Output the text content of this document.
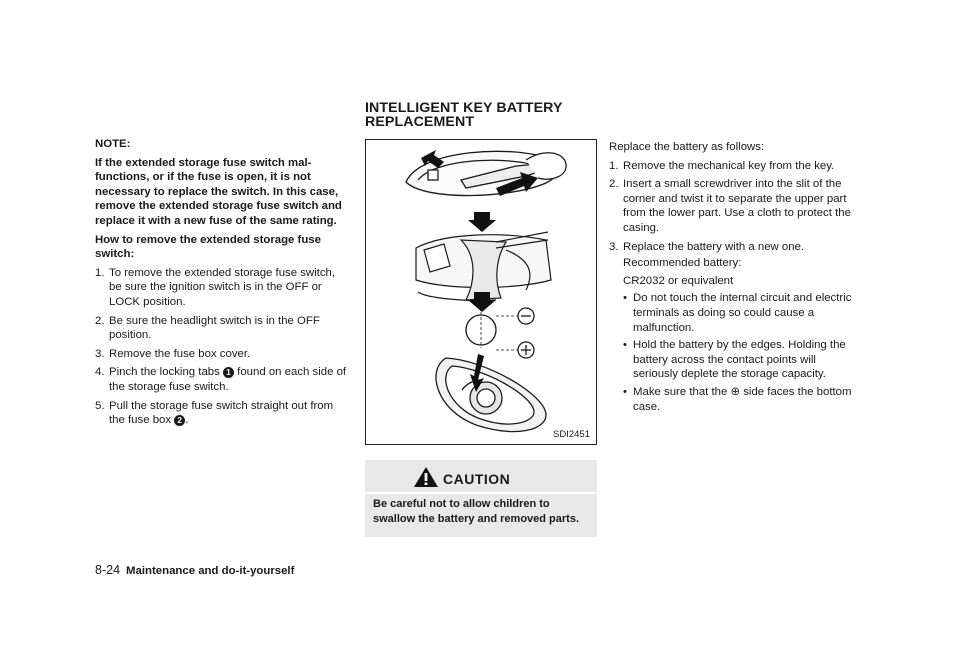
NOTE:

If the extended storage fuse switch mal-functions, or if the fuse is open, it is not necessary to replace the switch. In this case, remove the extended storage fuse switch and replace it with a new fuse of the same rating.

How to remove the extended storage fuse switch:

1. To remove the extended storage fuse switch, be sure the ignition switch is in the OFF or LOCK position.
2. Be sure the headlight switch is in the OFF position.
3. Remove the fuse box cover.
4. Pinch the locking tabs 1 found on each side of the storage fuse switch.
5. Pull the storage fuse switch straight out from the fuse box 2 .
INTELLIGENT KEY BATTERY
REPLACEMENT
SDI2451
CAUTION
Be careful not to allow children to swallow the battery and removed parts.

Replace the battery as follows:

1. Remove the mechanical key from the key.
2. Insert a small screwdriver into the slit of the corner and twist it to separate the upper part from the lower part. Use a cloth to protect the casing.
3. Replace the battery with a new one.
Recommended battery:
CR2032 or equivalent
• Do not touch the internal circuit and electric terminals as doing so could cause a malfunction.
• Hold the battery by the edges. Holding the battery across the contact points will seriously deplete the storage capacity.
• Make sure that the ⊕ side faces the bottom case.
8-24 Maintenance and do-it-yourself
